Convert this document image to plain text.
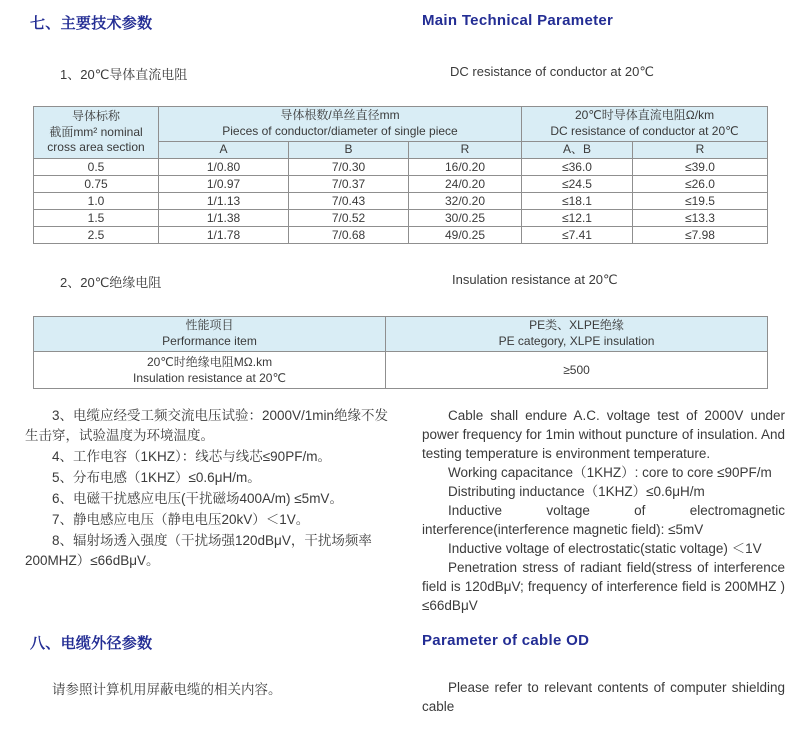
七、主要技术参数	Main Technical Parameter
1、20℃导体直流电阻	DC resistance of conductor at 20℃
导体标称
截面mm² nominal
cross area section	导体根数/单丝直径mm
Pieces of conductor/diameter of single piece			20℃时导体直流电阻Ω/km
DC resistance of conductor at 20℃	
	A	B	R	A、B	R
0.5	1/0.80	7/0.30	16/0.20	≤36.0	≤39.0
0.75	1/0.97	7/0.37	24/0.20	≤24.5	≤26.0
1.0	1/1.13	7/0.43	32/0.20	≤18.1	≤19.5
1.5	1/1.38	7/0.52	30/0.25	≤12.1	≤13.3
2.5	1/1.78	7/0.68	49/0.25	≤7.41	≤7.98
2、20℃绝缘电阻	Insulation resistance at 20℃
性能项目
Performance item	PE类、XLPE绝缘
PE category, XLPE insulation
20℃时绝缘电阻MΩ.km
Insulation resistance at 20℃	≥500

3、电缆应经受工频交流电压试验：2000V/1min绝缘不发生击穿，试验温度为环境温度。

4、工作电容（1KHZ）：线芯与线芯≤90PF/m。

5、分布电感（1KHZ）≤0.6μH/m。

6、电磁干扰感应电压(干扰磁场400A/m) ≤5mV。

7、静电感应电压（静电电压20kV）＜1V。

8、辐射场透入强度（干扰场强120dBμV，干扰场频率200MHZ）≤66dBμV。

Cable shall endure A.C. voltage test of 2000V under power frequency for 1min without puncture of insulation. And testing temperature is environment temperature.

Working capacitance（1KHZ）: core to core ≤90PF/m

Distributing inductance（1KHZ）≤0.6μH/m

Inductive voltage of electromagnetic interference(interference magnetic field): ≤5mV

Inductive voltage of electrostatic(static voltage) ＜1V

Penetration stress of radiant field(stress of interference field is 120dBμV; frequency of interference field is 200MHZ ) ≤66dBμV

八、电缆外径参数	Parameter of cable OD

请参照计算机用屏蔽电缆的相关内容。	Please refer to relevant contents of computer shielding cable
